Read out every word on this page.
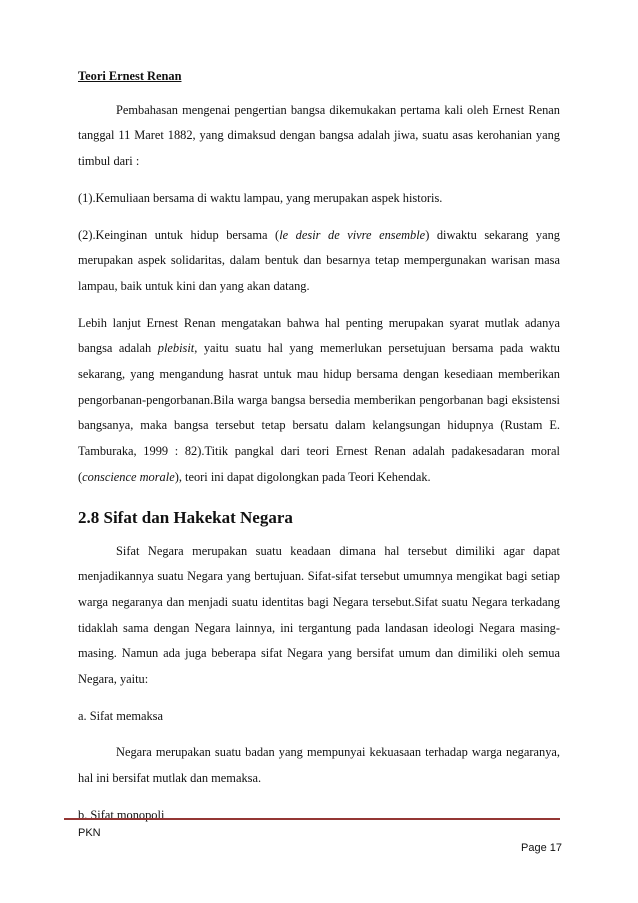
Teori Ernest Renan

Pembahasan mengenai pengertian bangsa dikemukakan pertama kali oleh Ernest Renan tanggal 11 Maret 1882, yang dimaksud dengan bangsa adalah jiwa, suatu asas kerohanian yang timbul dari :

(1).Kemuliaan bersama di waktu lampau, yang merupakan aspek historis.

(2).Keinginan untuk hidup bersama (le desir de vivre ensemble) diwaktu sekarang yang merupakan aspek solidaritas, dalam bentuk dan besarnya tetap mempergunakan warisan masa lampau, baik untuk kini dan yang akan datang.

Lebih lanjut Ernest Renan mengatakan bahwa hal penting merupakan syarat mutlak adanya bangsa adalah plebisit, yaitu suatu hal yang memerlukan persetujuan bersama pada waktu sekarang, yang mengandung hasrat untuk mau hidup bersama dengan kesediaan memberikan pengorbanan-pengorbanan.Bila warga bangsa bersedia memberikan pengorbanan bagi eksistensi bangsanya, maka bangsa tersebut tetap bersatu dalam kelangsungan hidupnya (Rustam E. Tamburaka, 1999 : 82).Titik pangkal dari teori Ernest Renan adalah padakesadaran moral (conscience morale), teori ini dapat digolongkan pada Teori Kehendak.

2.8 Sifat dan Hakekat Negara

Sifat Negara merupakan suatu keadaan dimana hal tersebut dimiliki agar dapat menjadikannya suatu Negara yang bertujuan. Sifat-sifat tersebut umumnya mengikat bagi setiap warga negaranya dan menjadi suatu identitas bagi Negara tersebut.Sifat suatu Negara terkadang tidaklah sama dengan Negara lainnya, ini tergantung pada landasan ideologi Negara masing-masing. Namun ada juga beberapa sifat Negara yang bersifat umum dan dimiliki oleh semua Negara, yaitu:

a. Sifat memaksa

Negara merupakan suatu badan yang mempunyai kekuasaan terhadap warga negaranya, hal ini bersifat mutlak dan memaksa.

b. Sifat monopoli

PKN
Page 17
